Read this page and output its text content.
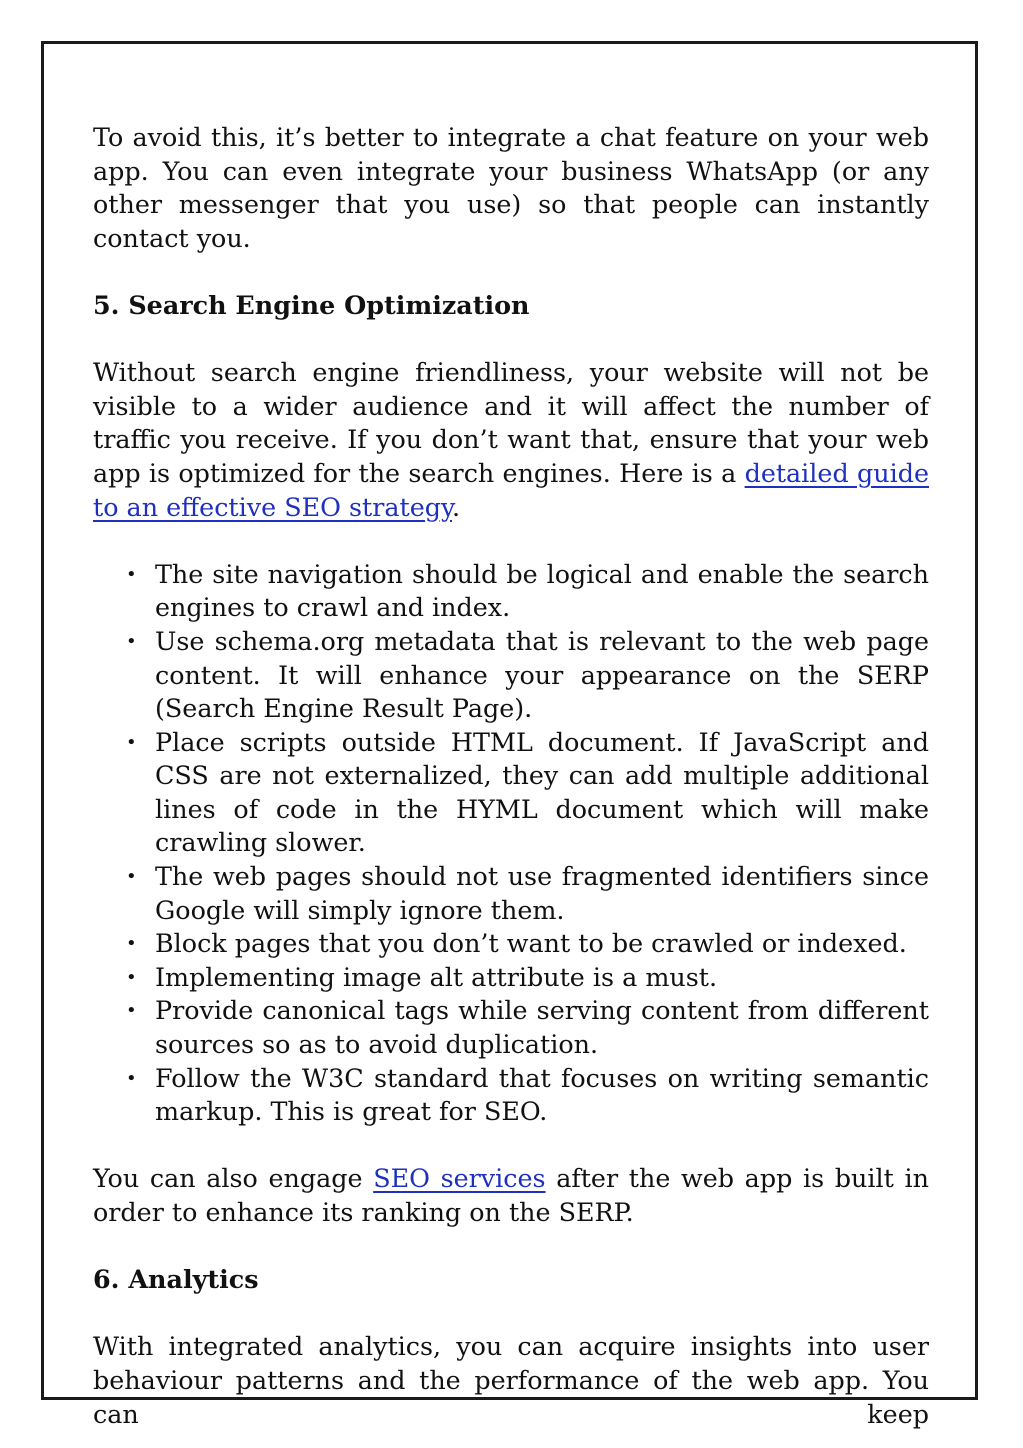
To avoid this, it’s better to integrate a chat feature on your web app. You can even integrate your business WhatsApp (or any other messenger that you use) so that people can instantly contact you.

5. Search Engine Optimization

Without search engine friendliness, your website will not be visible to a wider audience and it will affect the number of traffic you receive. If you don’t want that, ensure that your web app is optimized for the search engines. Here is a detailed guide to an effective SEO strategy.

• The site navigation should be logical and enable the search engines to crawl and index.
• Use schema.org metadata that is relevant to the web page content. It will enhance your appearance on the SERP (Search Engine Result Page).
• Place scripts outside HTML document. If JavaScript and CSS are not externalized, they can add multiple additional lines of code in the HYML document which will make crawling slower.
• The web pages should not use fragmented identifiers since Google will simply ignore them.
• Block pages that you don’t want to be crawled or indexed.
• Implementing image alt attribute is a must.
• Provide canonical tags while serving content from different sources so as to avoid duplication.
• Follow the W3C standard that focuses on writing semantic markup. This is great for SEO.

You can also engage SEO services after the web app is built in order to enhance its ranking on the SERP.

6. Analytics

With integrated analytics, you can acquire insights into user behaviour patterns and the performance of the web app. You can keep
